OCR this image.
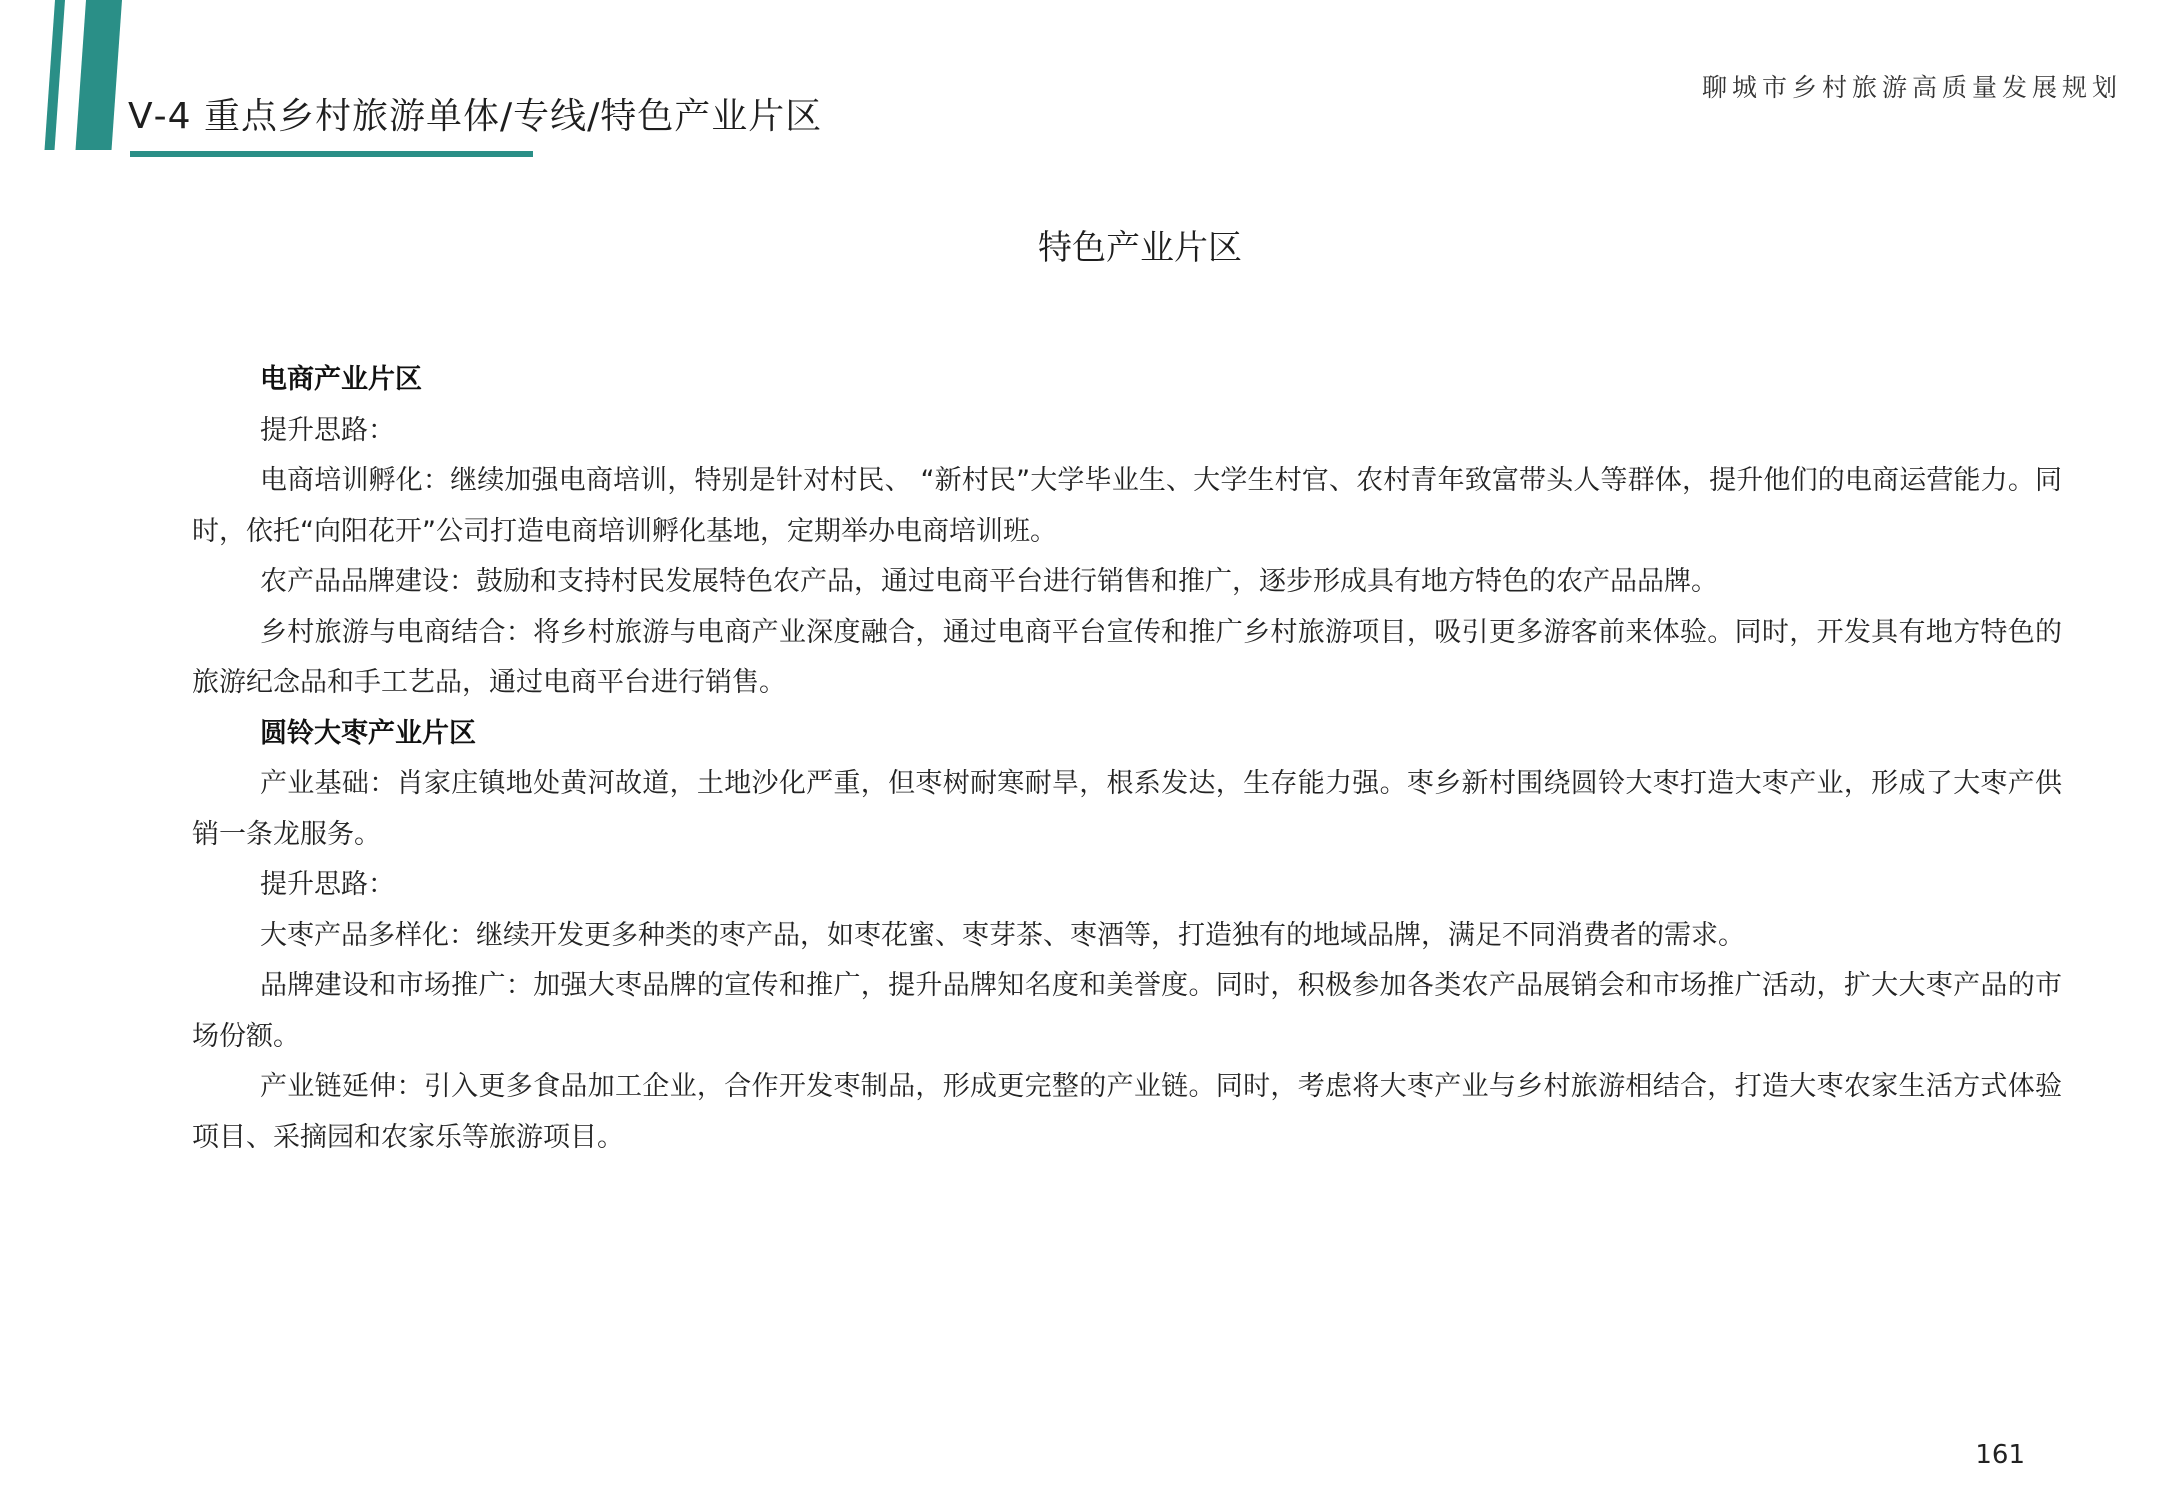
Ⅴ-4 重点乡村旅游单体/专线/特色产业片区
聊城市乡村旅游高质量发展规划
特色产业片区

电商产业片区

提升思路：

电商培训孵化：继续加强电商培训，特别是针对村民、 “新村民”大学毕业生、大学生村官、农村青年致富带头人等群体，提升他们的电商运营能力。同时，依托“向阳花开”公司打造电商培训孵化基地，定期举办电商培训班。

农产品品牌建设：鼓励和支持村民发展特色农产品，通过电商平台进行销售和推广，逐步形成具有地方特色的农产品品牌。

乡村旅游与电商结合：将乡村旅游与电商产业深度融合，通过电商平台宣传和推广乡村旅游项目，吸引更多游客前来体验。同时，开发具有地方特色的旅游纪念品和手工艺品，通过电商平台进行销售。

圆铃大枣产业片区

产业基础：肖家庄镇地处黄河故道，土地沙化严重，但枣树耐寒耐旱，根系发达，生存能力强。枣乡新村围绕圆铃大枣打造大枣产业，形成了大枣产供销一条龙服务。

提升思路：

大枣产品多样化：继续开发更多种类的枣产品，如枣花蜜、枣芽茶、枣酒等，打造独有的地域品牌，满足不同消费者的需求。

品牌建设和市场推广：加强大枣品牌的宣传和推广，提升品牌知名度和美誉度。同时，积极参加各类农产品展销会和市场推广活动，扩大大枣产品的市场份额。

产业链延伸：引入更多食品加工企业，合作开发枣制品，形成更完整的产业链。同时，考虑将大枣产业与乡村旅游相结合，打造大枣农家生活方式体验项目、采摘园和农家乐等旅游项目。

161
